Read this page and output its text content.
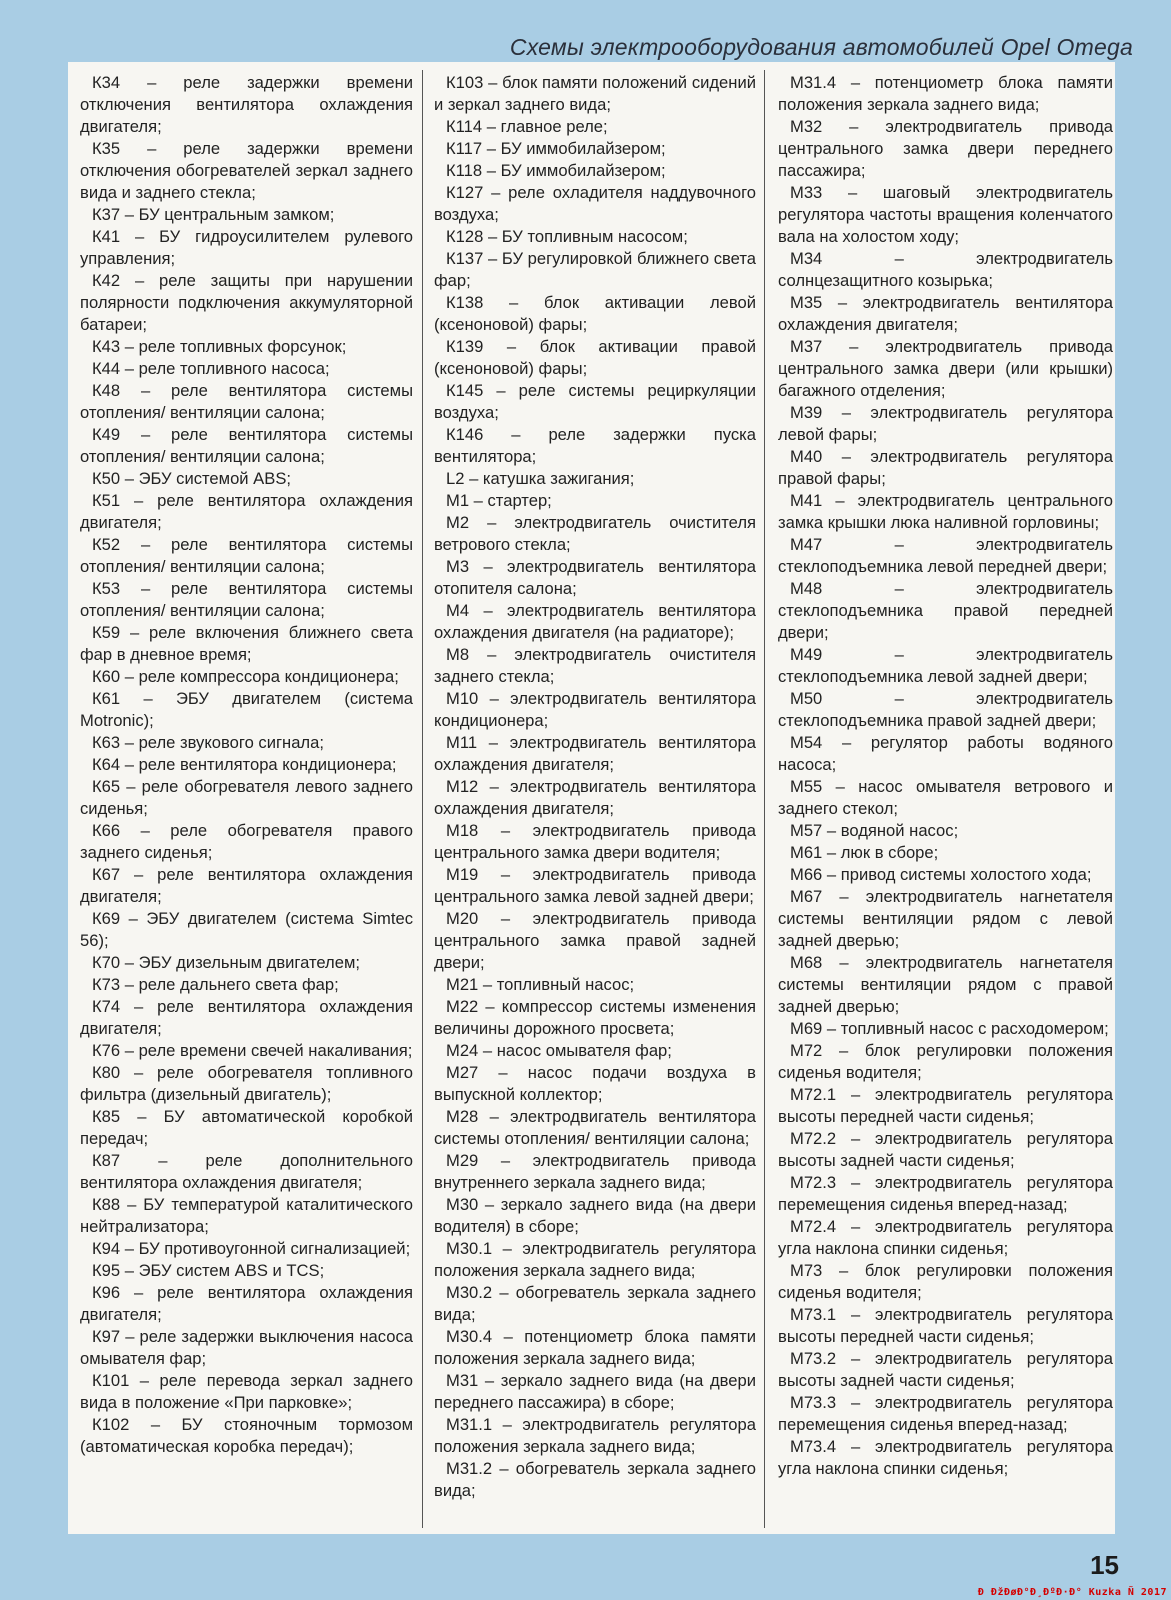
Схемы электрооборудования автомобилей Opel Omega

К34 – реле задержки времени отключения вентилятора охлаждения двигателя;

К35 – реле задержки времени отключения обогревателей зеркал заднего вида и заднего стекла;

К37 – БУ центральным замком;

К41 – БУ гидроусилителем рулевого управления;

К42 – реле защиты при нарушении полярности подключения аккумуляторной батареи;

К43 – реле топливных форсунок;

К44 – реле топливного насоса;

К48 – реле вентилятора системы отопления/ вентиляции салона;

К49 – реле вентилятора системы отопления/ вентиляции салона;

К50 – ЭБУ системой ABS;

К51 – реле вентилятора охлаждения двигателя;

К52 – реле вентилятора системы отопления/ вентиляции салона;

К53 – реле вентилятора системы отопления/ вентиляции салона;

К59 – реле включения ближнего света фар в дневное время;

К60 – реле компрессора кондиционера;

К61 – ЭБУ двигателем (система Motronic);

К63 – реле звукового сигнала;

К64 – реле вентилятора кондиционера;

К65 – реле обогревателя левого заднего сиденья;

К66 – реле обогревателя правого заднего сиденья;

К67 – реле вентилятора охлаждения двигателя;

К69 – ЭБУ двигателем (система Simtec 56);

К70 – ЭБУ дизельным двигателем;

К73 – реле дальнего света фар;

К74 – реле вентилятора охлаждения двигателя;

К76 – реле времени свечей накаливания;

К80 – реле обогревателя топливного фильтра (дизельный двигатель);

К85 – БУ автоматической коробкой передач;

К87 – реле дополнительного вентилятора охлаждения двигателя;

К88 – БУ температурой каталитического нейтрализатора;

К94 – БУ противоугонной сигнализацией;

К95 – ЭБУ систем ABS и TCS;

К96 – реле вентилятора охлаждения двигателя;

К97 – реле задержки выключения насоса омывателя фар;

К101 – реле перевода зеркал заднего вида в положение «При парковке»;

К102 – БУ стояночным тормозом (автоматическая коробка передач);

К103 – блок памяти положений сидений и зеркал заднего вида;

К114 – главное реле;

К117 – БУ иммобилайзером;

К118 – БУ иммобилайзером;

К127 – реле охладителя наддувочного воздуха;

К128 – БУ топливным насосом;

К137 – БУ регулировкой ближнего света фар;

К138 – блок активации левой (ксеноновой) фары;

К139 – блок активации правой (ксеноновой) фары;

К145 – реле системы рециркуляции воздуха;

К146 – реле задержки пуска вентилятора;

L2 – катушка зажигания;

М1 – стартер;

М2 – электродвигатель очистителя ветрового стекла;

М3 – электродвигатель вентилятора отопителя салона;

М4 – электродвигатель вентилятора охлаждения двигателя (на радиаторе);

М8 – электродвигатель очистителя заднего стекла;

М10 – электродвигатель вентилятора кондиционера;

М11 – электродвигатель вентилятора охлаждения двигателя;

М12 – электродвигатель вентилятора охлаждения двигателя;

М18 – электродвигатель привода центрального замка двери водителя;

М19 – электродвигатель привода центрального замка левой задней двери;

М20 – электродвигатель привода центрального замка правой задней двери;

М21 – топливный насос;

М22 – компрессор системы изменения величины дорожного просвета;

М24 – насос омывателя фар;

М27 – насос подачи воздуха в выпускной коллектор;

М28 – электродвигатель вентилятора системы отопления/ вентиляции салона;

М29 – электродвигатель привода внутреннего зеркала заднего вида;

М30 – зеркало заднего вида (на двери водителя) в сборе;

М30.1 – электродвигатель регулятора положения зеркала заднего вида;

М30.2 – обогреватель зеркала заднего вида;

М30.4 – потенциометр блока памяти положения зеркала заднего вида;

М31 – зеркало заднего вида (на двери переднего пассажира) в сборе;

М31.1 – электродвигатель регулятора положения зеркала заднего вида;

М31.2 – обогреватель зеркала заднего вида;

М31.4 – потенциометр блока памяти положения зеркала заднего вида;

М32 – электродвигатель привода центрального замка двери переднего пассажира;

М33 – шаговый электродвигатель регулятора частоты вращения коленчатого вала на холостом ходу;

М34 – электродвигатель солнцезащитного козырька;

М35 – электродвигатель вентилятора охлаждения двигателя;

М37 – электродвигатель привода центрального замка двери (или крышки) багажного отделения;

М39 – электродвигатель регулятора левой фары;

М40 – электродвигатель регулятора правой фары;

М41 – электродвигатель центрального замка крышки люка наливной горловины;

М47 – электродвигатель стеклоподъемника левой передней двери;

М48 – электродвигатель стеклоподъемника правой передней двери;

М49 – электродвигатель стеклоподъемника левой задней двери;

М50 – электродвигатель стеклоподъемника правой задней двери;

М54 – регулятор работы водяного насоса;

М55 – насос омывателя ветрового и заднего стекол;

М57 – водяной насос;

М61 – люк в сборе;

М66 – привод системы холостого хода;

М67 – электродвигатель нагнетателя системы вентиляции рядом с левой задней дверью;

М68 – электродвигатель нагнетателя системы вентиляции рядом с правой задней дверью;

М69 – топливный насос с расходомером;

М72 – блок регулировки положения сиденья водителя;

М72.1 – электродвигатель регулятора высоты передней части сиденья;

М72.2 – электродвигатель регулятора высоты задней части сиденья;

М72.3 – электродвигатель регулятора перемещения сиденья вперед-назад;

М72.4 – электродвигатель регулятора угла наклона спинки сиденья;

М73 – блок регулировки положения сиденья водителя;

М73.1 – электродвигатель регулятора высоты передней части сиденья;

М73.2 – электродвигатель регулятора высоты задней части сиденья;

М73.3 – электродвигатель регулятора перемещения сиденья вперед-назад;

М73.4 – электродвигатель регулятора угла наклона спинки сиденья;

15
Ð ÐžÐøÐ°Ð¸ÐºÐ·Ð° Kuzka Ñ 2017
